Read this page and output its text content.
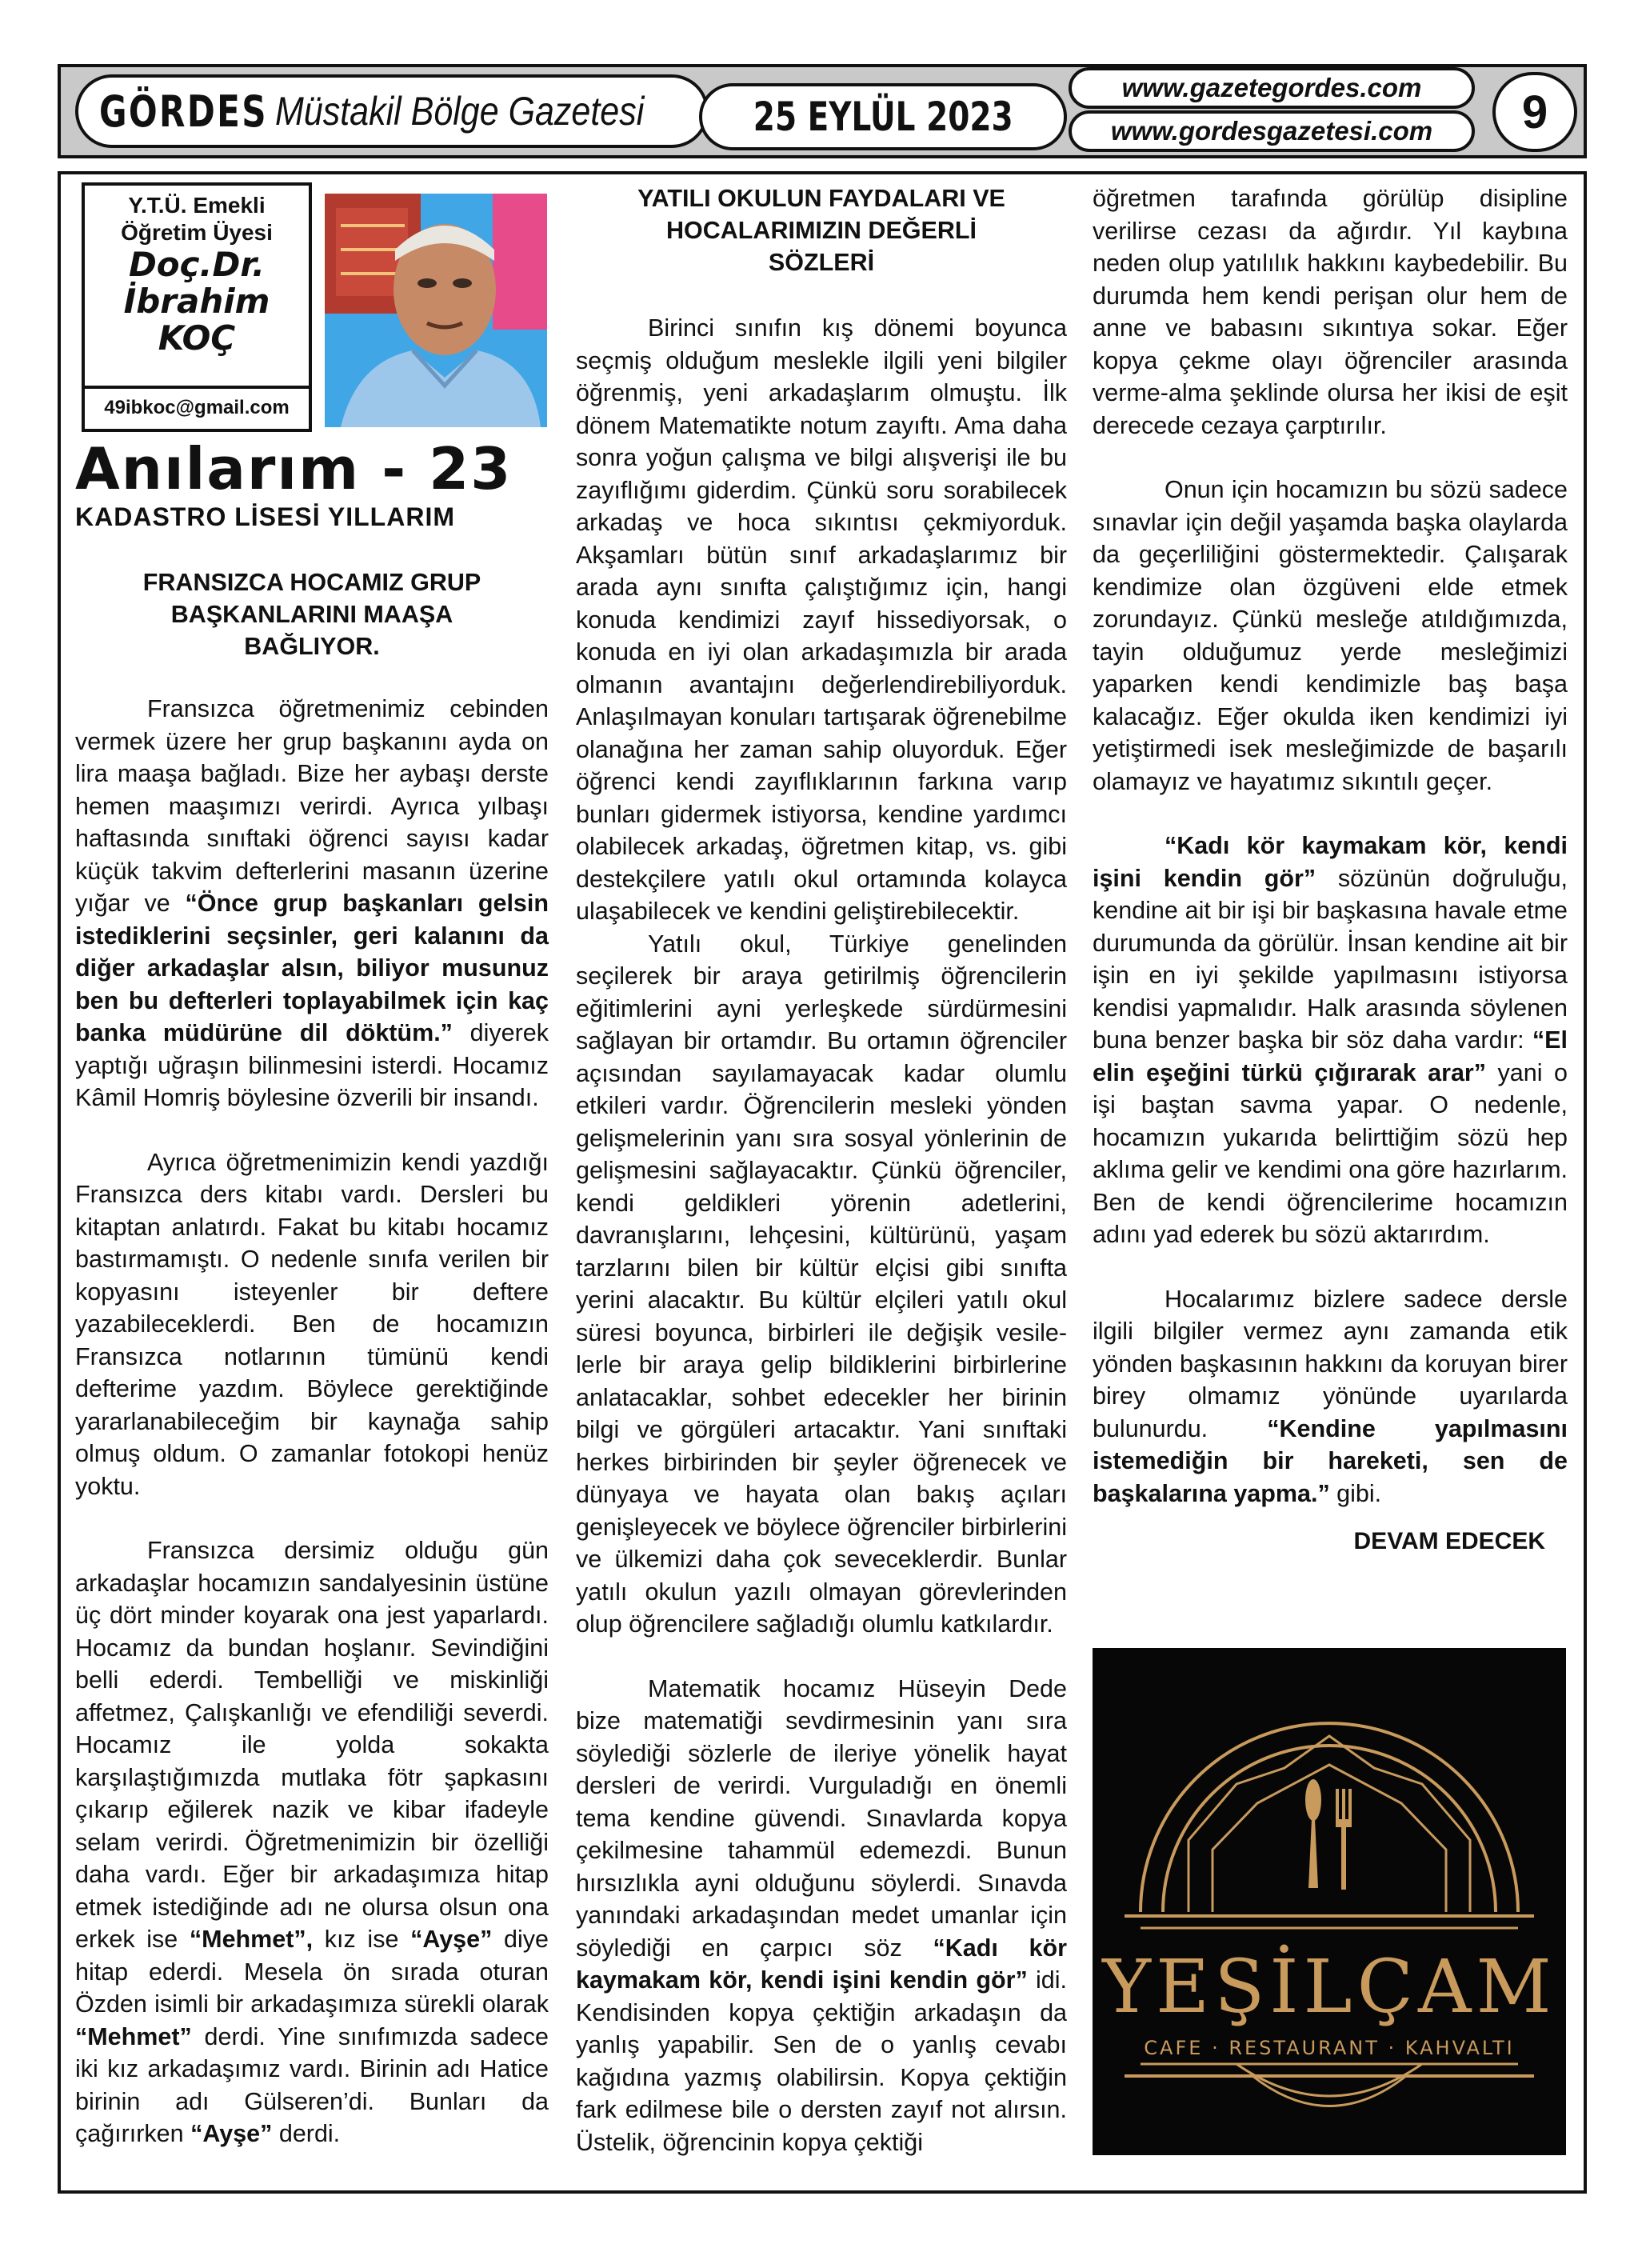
GÖRDES Müstakil Bölge Gazetesi	25 EYLÜL 2023
www.gazetegordes.com
www.gordesgazetesi.com 9
Y.T.Ü. Emekli
Öğretim Üyesi
Doç.Dr.
İbrahim
KOÇ
49ibkoc@gmail.com
Anılarım - 23
KADASTRO LİSESİ YILLARIM
FRANSIZCA HOCAMIZ GRUP BAŞKANLARINI MAAŞA BAĞLIYOR.

Fransızca öğretmenimiz cebinden vermek üzere her grup başkanını ayda on lira maaşa bağladı. Bize her aybaşı derste hemen maaşımızı verirdi. Ayrıca yılbaşı haftasında sınıftaki öğrenci sayısı kadar küçük takvim defterlerini masanın üzerine yığar ve “Önce grup başkanları gelsin istediklerini seçsinler, geri kalanını da diğer arkadaşlar alsın, biliyor musunuz ben bu defterleri toplayabilmek için kaç banka müdürüne dil döktüm.” diyerek yaptığı uğraşın bilinmesini isterdi. Hocamız Kâmil Homriş böylesine özverili bir insandı.

Ayrıca öğretmenimizin kendi yazdığı Fransızca ders kitabı vardı. Dersleri bu kitaptan anlatırdı. Fakat bu kitabı hocamız bastırmamıştı. O nedenle sınıfa verilen bir kopyasını isteyenler bir deftere yazabileceklerdi. Ben de hocamızın Fransızca notlarının tümünü kendi defterime yazdım. Böylece gerektiğinde yararlanabileceğim bir kaynağa sahip olmuş oldum. O zamanlar fotokopi henüz yoktu.

Fransızca dersimiz olduğu gün arkadaşlar hocamızın sandalyesinin üstüne üç dört minder koyarak ona jest yaparlardı. Hocamız da bundan hoşlanır. Sevindiğini belli ederdi. Tembelliği ve miskinliği affetmez, Çalışkanlığı ve efendiliği severdi. Hocamız ile yolda sokakta karşılaştığımızda mutlaka fötr şapkasını çıkarıp eğilerek nazik ve kibar ifadeyle selam verirdi. Öğretmenimizin bir özelliği daha vardı. Eğer bir arkadaşımıza hitap etmek istediğinde adı ne olursa olsun ona erkek ise “Mehmet”, kız ise “Ayşe” diye hitap ederdi. Mesela ön sırada oturan Özden isimli bir arkadaşımıza sürekli olarak “Mehmet” derdi. Yine sınıfımızda sadece iki kız arkadaşımız vardı. Birinin adı Hatice birinin adı Gülseren’di. Bunları da çağırırken “Ayşe” derdi.

YATILI OKULUN FAYDALARI VE HOCALARIMIZIN DEĞERLİ SÖZLERİ

Birinci sınıfın kış dönemi boyunca seçmiş olduğum meslekle ilgili yeni bilgiler öğrenmiş, yeni arkadaşlarım olmuştu. İlk dönem Matematikte notum zayıftı. Ama daha sonra yoğun çalışma ve bilgi alışverişi ile bu zayıflığımı giderdim. Çünkü soru sorabilecek arkadaş ve hoca sıkıntısı çekmiyorduk. Akşamları bütün sınıf arkadaşlarımız bir arada aynı sınıfta çalıştığımız için, hangi konuda kendimizi zayıf hissediyorsak, o konuda en iyi olan arkadaşımızla bir arada olmanın avantajını değerlendirebiliyorduk. Anlaşılmayan konuları tartışarak öğrenebilme olanağına her zaman sahip oluyorduk. Eğer öğrenci kendi zayıflıklarının farkına varıp bunları gidermek istiyorsa, kendine yardımcı olabilecek arkadaş, öğretmen kitap, vs. gibi destekçilere yatılı okul ortamında kolayca ulaşabilecek ve kendini geliştirebilecektir.

Yatılı okul, Türkiye genelinden seçilerek bir araya getirilmiş öğrencilerin eğitimlerini ayni yerleşkede sürdürmesini sağlayan bir ortamdır. Bu ortamın öğrenciler açısından sayılamayacak kadar olumlu etkileri vardır. Öğrencilerin mesleki yönden gelişmelerinin yanı sıra sosyal yönlerinin de gelişmesini sağlayacaktır. Çünkü öğrenciler, kendi geldikleri yörenin adetlerini, davranışlarını, lehçesini, kültürünü, yaşam tarzlarını bilen bir kültür elçisi gibi sınıfta yerini alacaktır. Bu kültür elçileri yatılı okul süresi boyunca, birbirleri ile değişik vesile-lerle bir araya gelip bildiklerini birbirlerine anlatacaklar, sohbet edecekler her birinin bilgi ve görgüleri artacaktır. Yani sınıftaki herkes birbirinden bir şeyler öğrenecek ve dünyaya ve hayata olan bakış açıları genişleyecek ve böylece öğrenciler birbirlerini ve ülkemizi daha çok seveceklerdir. Bunlar yatılı okulun yazılı olmayan görevlerinden olup öğrencilere sağladığı olumlu katkılardır.

Matematik hocamız Hüseyin Dede bize matematiği sevdirmesinin yanı sıra söylediği sözlerle de ileriye yönelik hayat dersleri de verirdi. Vurguladığı en önemli tema kendine güvendi. Sınavlarda kopya çekilmesine tahammül edemezdi. Bunun hırsızlıkla ayni olduğunu söylerdi. Sınavda yanındaki arkadaşından medet umanlar için söylediği en çarpıcı söz “Kadı kör kaymakam kör, kendi işini kendin gör” idi. Kendisinden kopya çektiğin arkadaşın da yanlış yapabilir. Sen de o yanlış cevabı kağıdına yazmış olabilirsin. Kopya çektiğin fark edilmese bile o dersten zayıf not alırsın. Üstelik, öğrencinin kopya çektiği

öğretmen tarafında görülüp disipline verilirse cezası da ağırdır. Yıl kaybına neden olup yatılılık hakkını kaybedebilir. Bu durumda hem kendi perişan olur hem de anne ve babasını sıkıntıya sokar. Eğer kopya çekme olayı öğrenciler arasında verme-alma şeklinde olursa her ikisi de eşit derecede cezaya çarptırılır.

Onun için hocamızın bu sözü sadece sınavlar için değil yaşamda başka olaylarda da geçerliliğini göstermektedir. Çalışarak kendimize olan özgüveni elde etmek zorundayız. Çünkü mesleğe atıldığımızda, tayin olduğumuz yerde mesleğimizi yaparken kendi kendimizle baş başa kalacağız. Eğer okulda iken kendimizi iyi yetiştirmedi isek mesleğimizde de başarılı olamayız ve hayatımız sıkıntılı geçer.

“Kadı kör kaymakam kör, kendi işini kendin gör” sözünün doğruluğu, kendine ait bir işi bir başkasına havale etme durumunda da görülür. İnsan kendine ait bir işin en iyi şekilde yapılmasını istiyorsa kendisi yapmalıdır. Halk arasında söylenen buna benzer başka bir söz daha vardır: “El elin eşeğini türkü çığırarak arar” yani o işi baştan savma yapar. O nedenle, hocamızın yukarıda belirttiğim sözü hep aklıma gelir ve kendimi ona göre hazırlarım. Ben de kendi öğrencilerime hocamızın adını yad ederek bu sözü aktarırdım.

Hocalarımız bizlere sadece dersle ilgili bilgiler vermez aynı zamanda etik yönden başkasının hakkını da koruyan birer birey olmamız yönünde uyarılarda bulunurdu. “Kendine yapılmasını istemediğin bir hareketi, sen de başkalarına yapma.” gibi.

DEVAM EDECEK
YEŞİLÇAM
CAFE · RESTAURANT · KAHVALTI
